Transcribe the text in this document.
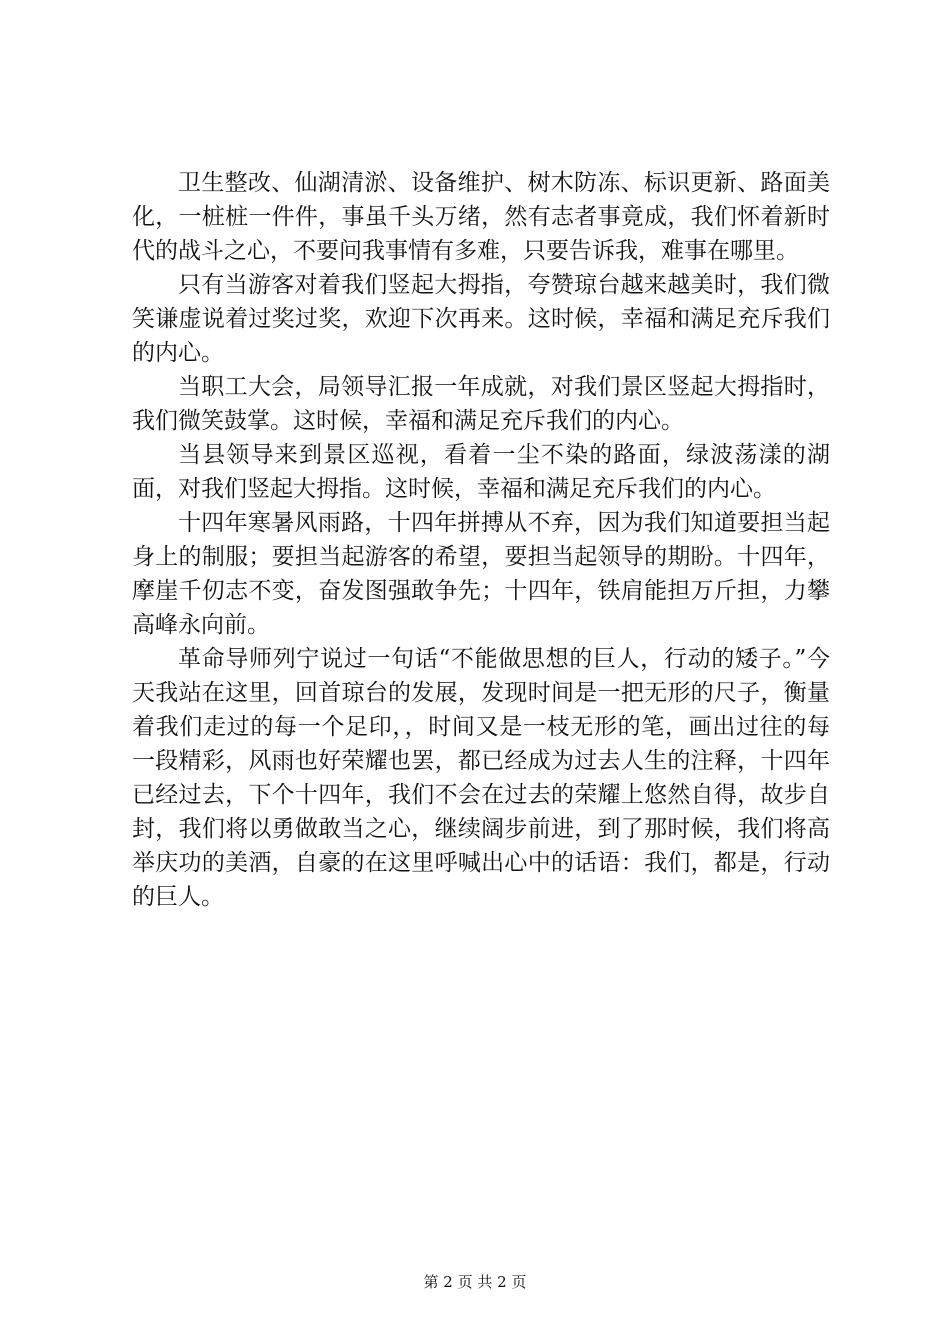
卫生整改、仙湖清淤、设备维护、树木防冻、标识更新、路面美化，一桩桩一件件，事虽千头万绪，然有志者事竟成，我们怀着新时代的战斗之心，不要问我事情有多难，只要告诉我，难事在哪里。

只有当游客对着我们竖起大拇指，夸赞琼台越来越美时，我们微笑谦虚说着过奖过奖，欢迎下次再来。这时候，幸福和满足充斥我们的内心。

当职工大会，局领导汇报一年成就，对我们景区竖起大拇指时，我们微笑鼓掌。这时候，幸福和满足充斥我们的内心。

当县领导来到景区巡视，看着一尘不染的路面，绿波荡漾的湖面，对我们竖起大拇指。这时候，幸福和满足充斥我们的内心。

十四年寒暑风雨路，十四年拼搏从不弃，因为我们知道要担当起身上的制服；要担当起游客的希望，要担当起领导的期盼。十四年，摩崖千仞志不变，奋发图强敢争先；十四年，铁肩能担万斤担，力攀高峰永向前。

革命导师列宁说过一句话“不能做思想的巨人，行动的矮子。”今天我站在这里，回首琼台的发展，发现时间是一把无形的尺子，衡量着我们走过的每一个足印，，时间又是一枝无形的笔，画出过往的每一段精彩，风雨也好荣耀也罢，都已经成为过去人生的注释，十四年已经过去，下个十四年，我们不会在过去的荣耀上悠然自得，故步自封，我们将以勇做敢当之心，继续阔步前进，到了那时候，我们将高举庆功的美酒，自豪的在这里呼喊出心中的话语：我们，都是，行动的巨人。

第 2 页 共 2 页
